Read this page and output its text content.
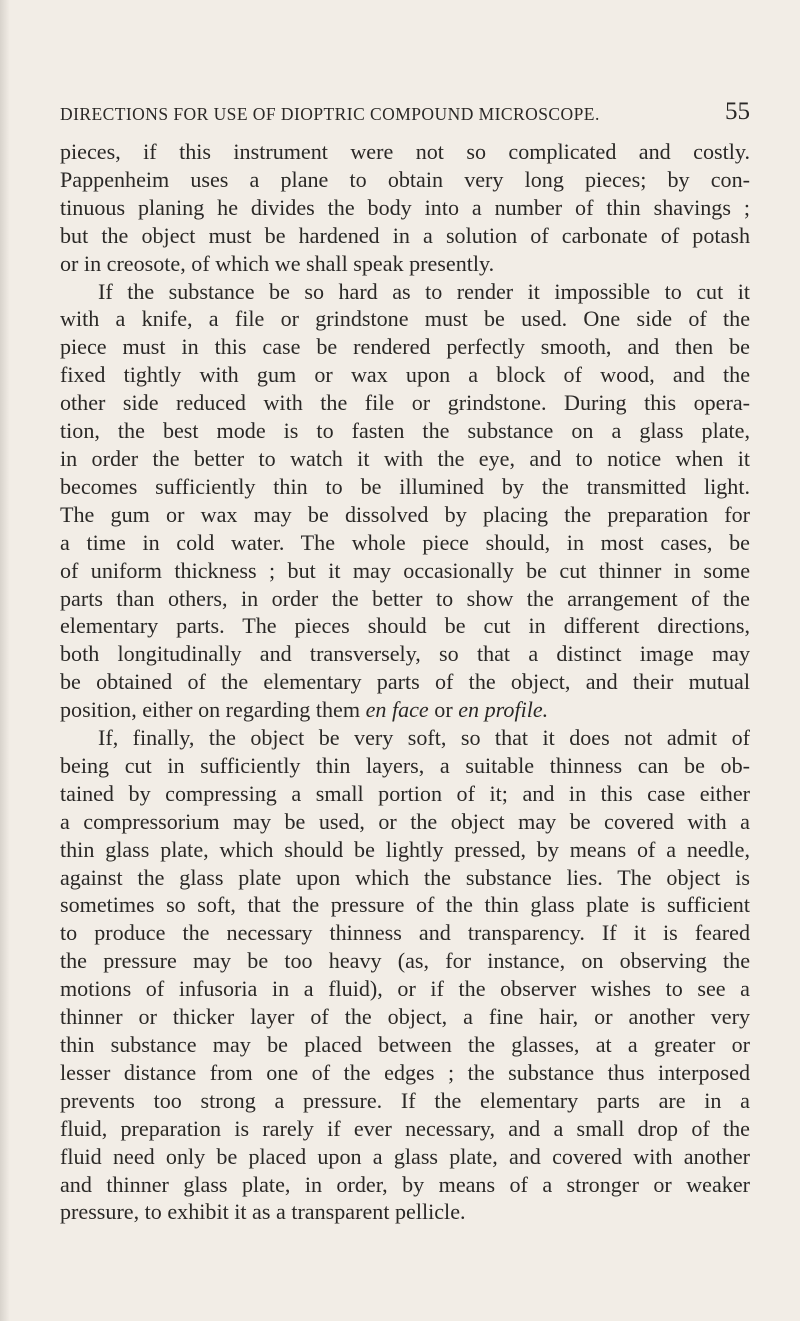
DIRECTIONS FOR USE OF DIOPTRIC COMPOUND MICROSCOPE.	55
pieces, if this instrument were not so complicated and costly.
Pappenheim uses a plane to obtain very long pieces; by con-
tinuous planing he divides the body into a number of thin shavings ;
but the object must be hardened in a solution of carbonate of potash
or in creosote, of which we shall speak presently.
If the substance be so hard as to render it impossible to cut it
with a knife, a file or grindstone must be used. One side of the
piece must in this case be rendered perfectly smooth, and then be
fixed tightly with gum or wax upon a block of wood, and the
other side reduced with the file or grindstone. During this opera-
tion, the best mode is to fasten the substance on a glass plate,
in order the better to watch it with the eye, and to notice when it
becomes sufficiently thin to be illumined by the transmitted light.
The gum or wax may be dissolved by placing the preparation for
a time in cold water. The whole piece should, in most cases, be
of uniform thickness ; but it may occasionally be cut thinner in some
parts than others, in order the better to show the arrangement of the
elementary parts. The pieces should be cut in different directions,
both longitudinally and transversely, so that a distinct image may
be obtained of the elementary parts of the object, and their mutual
position, either on regarding them en face or en profile.
If, finally, the object be very soft, so that it does not admit of
being cut in sufficiently thin layers, a suitable thinness can be ob-
tained by compressing a small portion of it; and in this case either
a compressorium may be used, or the object may be covered with a
thin glass plate, which should be lightly pressed, by means of a needle,
against the glass plate upon which the substance lies. The object is
sometimes so soft, that the pressure of the thin glass plate is sufficient
to produce the necessary thinness and transparency. If it is feared
the pressure may be too heavy (as, for instance, on observing the
motions of infusoria in a fluid), or if the observer wishes to see a
thinner or thicker layer of the object, a fine hair, or another very
thin substance may be placed between the glasses, at a greater or
lesser distance from one of the edges ; the substance thus interposed
prevents too strong a pressure. If the elementary parts are in a
fluid, preparation is rarely if ever necessary, and a small drop of the
fluid need only be placed upon a glass plate, and covered with another
and thinner glass plate, in order, by means of a stronger or weaker
pressure, to exhibit it as a transparent pellicle.
